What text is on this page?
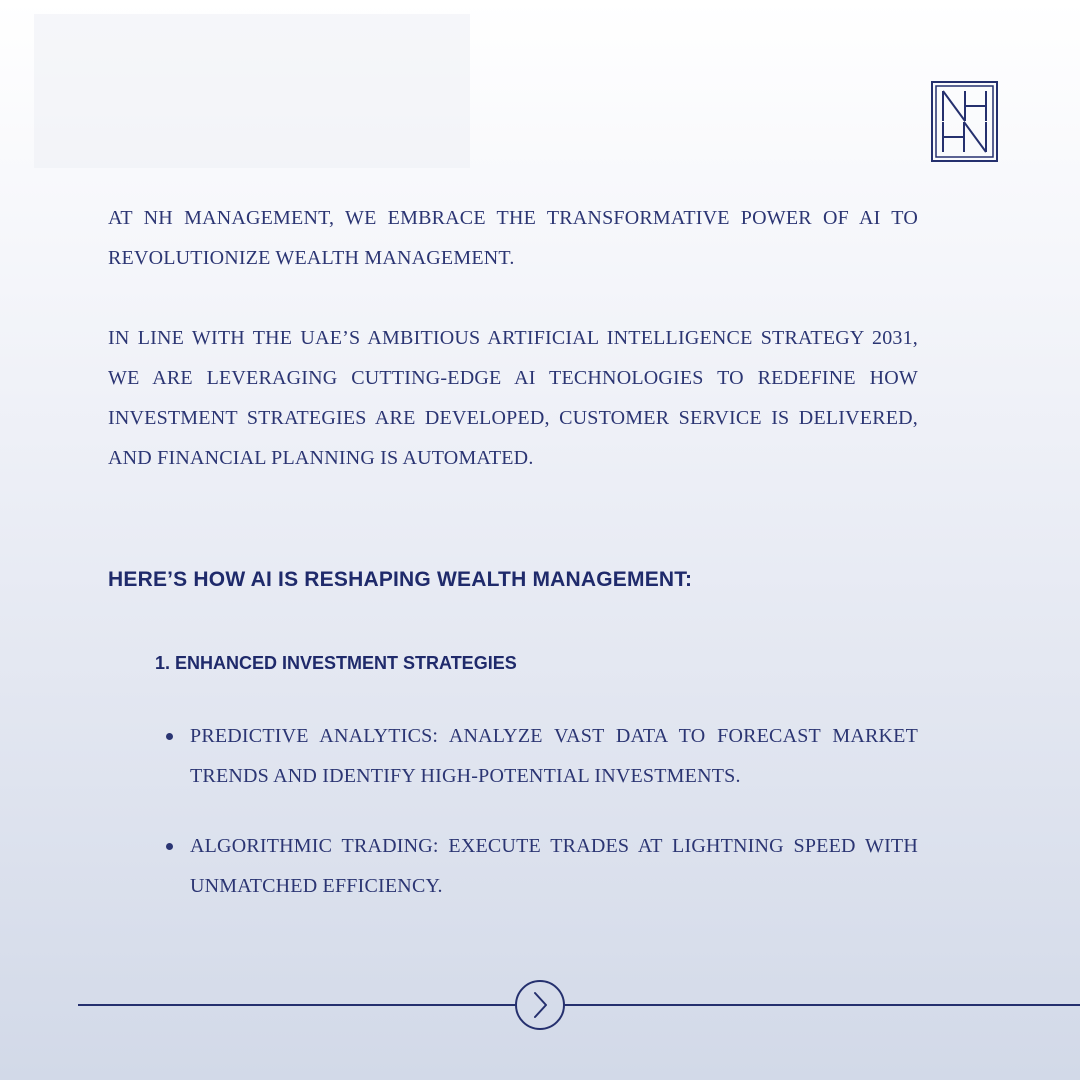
AT NH MANAGEMENT, WE EMBRACE THE TRANSFORMATIVE POWER OF AI TO REVOLUTIONIZE WEALTH MANAGEMENT.

IN LINE WITH THE UAE’S AMBITIOUS ARTIFICIAL INTELLIGENCE STRATEGY 2031, WE ARE LEVERAGING CUTTING-EDGE AI TECHNOLOGIES TO REDEFINE HOW INVESTMENT STRATEGIES ARE DEVELOPED, CUSTOMER SERVICE IS DELIVERED, AND FINANCIAL PLANNING IS AUTOMATED.

HERE’S HOW AI IS RESHAPING WEALTH MANAGEMENT:
1. ENHANCED INVESTMENT STRATEGIES

PREDICTIVE ANALYTICS: ANALYZE VAST DATA TO FORECAST MARKET TRENDS AND IDENTIFY HIGH-POTENTIAL INVESTMENTS.

ALGORITHMIC TRADING: EXECUTE TRADES AT LIGHTNING SPEED WITH UNMATCHED EFFICIENCY.
